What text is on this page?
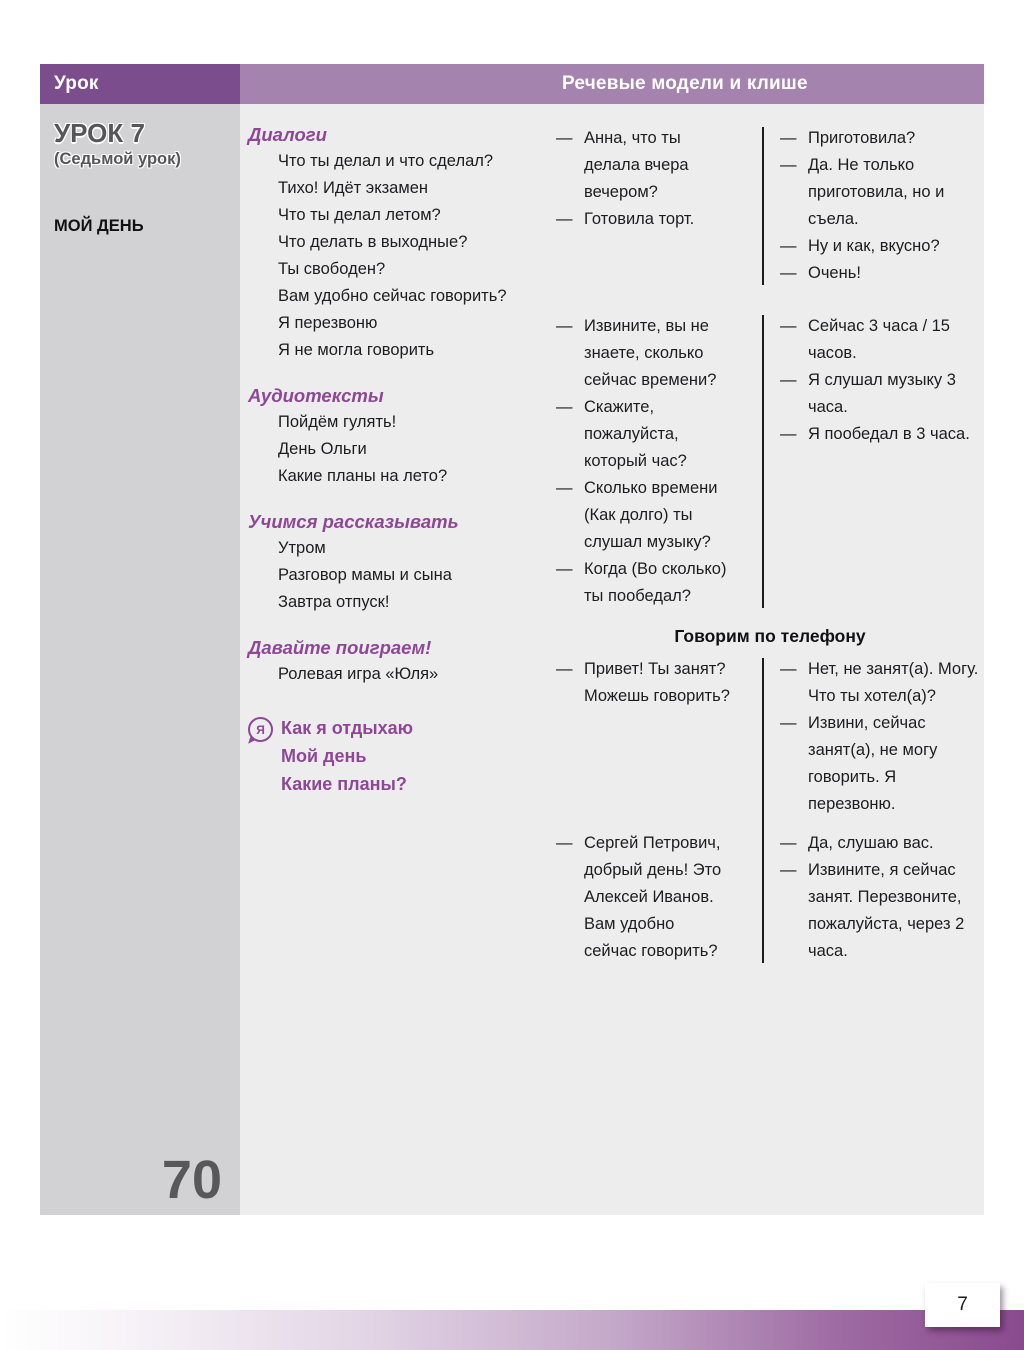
Урок	Речевые модели и клише
УРОК 7
(Седьмой урок)
МОЙ ДЕНЬ
70
Диалоги
Что ты делал и что сделал?
Тихо! Идёт экзамен
Что ты делал летом?
Что делать в выходные?
Ты свободен?
Вам удобно сейчас говорить?
Я перезвоню
Я не могла говорить
Аудиотексты
Пойдём гулять!
День Ольги
Какие планы на лето?
Учимся рассказывать
Утром
Разговор мамы и сына
Завтра отпуск!
Давайте поиграем!
Ролевая игра «Юля»
Я Как я отдыхаю
Мой день
Какие планы?
— Анна, что ты делала вчера вечером?
— Готовила торт.
— Приготовила?
— Да. Не только приготовила, но и съела.
— Ну и как, вкусно?
— Очень!
— Извините, вы не знаете, сколько сейчас времени?
— Скажите, пожалуйста, который час?
— Сколько времени (Как долго) ты слушал музыку?
— Когда (Во сколько) ты пообедал?
— Сейчас 3 часа / 15 часов.
— Я слушал музыку 3 часа.
— Я пообедал в 3 часа.
Говорим по телефону
— Привет! Ты занят? Можешь говорить?
— Нет, не занят(а). Могу. Что ты хотел(а)?
— Извини, сейчас занят(а), не могу говорить. Я перезвоню.
— Сергей Петрович, добрый день! Это Алексей Иванов. Вам удобно сейчас говорить?
— Да, слушаю вас.
— Извините, я сейчас занят. Перезвоните, пожалуйста, через 2 часа.
7
